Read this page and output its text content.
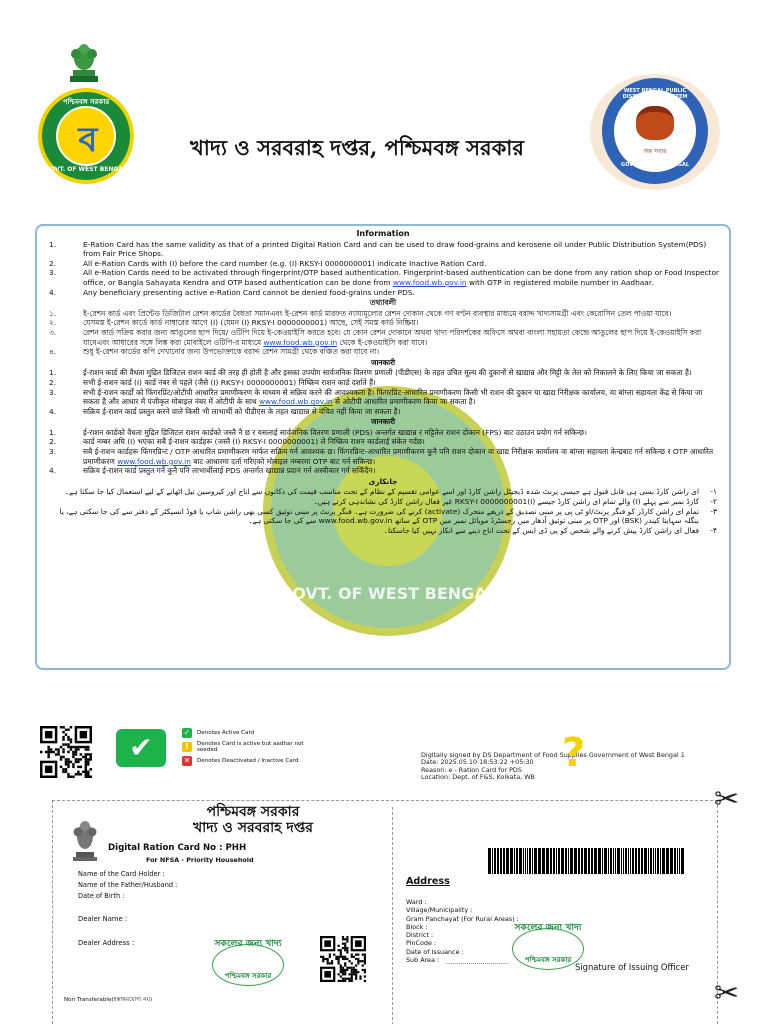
পশ্চিমবঙ্গ সরকার
ব
GOVT. OF WEST BENGAL
খাদ্য ও সরবরাহ দপ্তর, পশ্চিমবঙ্গ সরকার
WEST BENGAL PUBLIC DISTRIBUTION SYSTEM
অন্ন সবার
GOVT. OF WEST BENGAL
GOVT. OF WEST BENGAL
Information
1.	E-Ration Card has the same validity as that of a printed Digital Ration Card and can be used to draw food-grains and kerosene oil under Public Distribution System(PDS) from Fair Price Shops.
2.	All e-Ration Cards with (I) before the card number (e.g. (I) RKSY-I 0000000001) indicate Inactive Ration Card.
3.	All e-Ration Cards need to be activated through fingerprint/OTP based authentication. Fingerprint-based authentication can be done from any ration shop or Food Inspector office, or Bangla Sahayata Kendra and OTP based authentication can be done from www.food.wb.gov.in with OTP in registered mobile number in Aadhaar.
4.	Any beneficiary presenting active e-Ration Card cannot be denied food-grains under PDS.
তথ্যাবলী
১.	ই-রেশন কার্ড এবং প্রিন্টেড ডিজিটাল রেশন কার্ডের বৈধতা সমানএবং ই-রেশন কার্ড মারফত ন্যায্যমূল্যের রেশন দোকান থেকে গণ বণ্টন ব্যবস্থার মাধ্যমে বরাদ্দ খাদ্যসামগ্রী এবং কেরোসিন তেল পাওয়া যাবে।
২.	যেসমস্ত ই-রেশন কার্ডে কার্ড নাম্বারের আগে (I) (যেমন (I) RKSY-I 0000000001) আছে, সেই সমস্ত কার্ড নিষ্ক্রিয়।
৩.	রেশন কার্ড সক্রিয় করার জন্য আঙুলের ছাপ দিয়ে/ ওটিপি দিয়ে ই-কেওয়াইসি করতে হবে। যে কোন রেশন দোকানে অথবা খাদ্য পরিদর্শকের অফিসে অথবা বাংলা সহায়তা কেন্দ্রে আঙুলের ছাপ দিয়ে ই-কেওয়াইসি করা যাবেএবং আধারের সঙ্গে লিঙ্ক করা মোবাইলে ওটিপি-র মাধ্যমে www.food.wb.gov.in থেকে ই-কেওয়াইসি করা যাবে।
৪.	শুধু ই-রেশন কার্ডের কপি দেখানোর জন্য উপভোক্তাকে বরাদ্দ রেশন সামগ্রী থেকে বঞ্চিত করা যাবে না।
जानकारी
1.	ई-राशन कार्ड की वैधता मुद्रित डिजिटल राशन कार्ड की तरह ही होती है और इसका उपयोग सार्वजनिक वितरण प्रणाली (पीडीएस) के तहत उचित मूल्य की दुकानों से खाद्यान्न और मिट्टी के तेल को निकालने के लिए किया जा सकता है।
2.	सभी ई-राशन कार्ड (I) कार्ड नंबर से पहले (जैसे (I) RKSY-I 0000000001) निष्क्रिय राशन कार्ड दर्शाते हैं।
3.	सभी ई-राशन कार्डों को फिंगरप्रिंट/ओटीपी आधारित प्रमाणीकरण के माध्यम से सक्रिय करने की आवश्यकता है। फिंगरप्रिंट-आधारित प्रमाणीकरण किसी भी राशन की दुकान या खाद्य निरीक्षक कार्यालय, या बांग्ला सहायता केंद्र से किया जा सकता है और आधार में पंजीकृत मोबाइल नंबर में ओटीपी के साथ www.food.wb.gov.in से ओटीपी आधारित प्रमाणीकरण किया जा सकता है।
4.	सक्रिय ई-राशन कार्ड प्रस्तुत करने वाले किसी भी लाभार्थी को पीडीएस के तहत खाद्यान्न से वंचित नहीं किया जा सकता है।
जानकारी
1.	ई-राशन कार्डको वैधता मुद्रित डिजिटल राशन कार्डको जस्तै नै छ र यसलाई सार्वजनिक वितरण प्रणाली (PDS) अन्तर्गत खाद्यान्न र मट्टितेल राशन दोकान (FPS) बाट उठाउन प्रयोग गर्न सकिन्छ।
2.	कार्ड नम्बर अघि (I) भएका सबै ई-राशन कार्डहरू (जस्तै (I) RKSY-I 0000000001) ले निष्क्रिय राशन कार्डलाई संकेत गर्दछ।
3.	सबै ई-राशन कार्डहरू फिंगरप्रिन्ट / OTP आधारित प्रमाणीकरण मार्फत सक्रिय गर्न आवश्यक छ। फिंगरप्रिन्ट-आधारित प्रमाणीकरण कुनै पनि राशन दोकान वा खाद्य निरीक्षक कार्यालय वा बांग्ला सहायता केन्द्रबाट गर्न सकिन्छ र OTP आधारित प्रमाणीकरण www.food.wb.gov.in बाट आधारमा दर्ता गरिएको मोबाइल नम्बरमा OTP बाट गर्न सकिन्छ।
4.	सक्रिय ई-राशन कार्ड प्रस्तुत गर्ने कुनै पनि लाभार्थीलाई PDS अन्तर्गत खाद्यान्न प्रदान गर्न अस्वीकार गर्न सकिँदैन।
جانکاری
۱-
ای راشن کارڈ بسی ہی قابل قبول ہے جیسی پرنٹ شدہ ڈیجیٹل راشن کارڈ اور اسے عوامی تقسیم کے نظام کے تحت مناسب قیمت کی دکانوں سے اناج اور کیروسین تیل اٹھانے کے لیے استعمال کیا جا سکتا ہے۔
۲-
کارڈ نمبر سے پہلے (I) والے تمام ای راشن کارڈ جیسے (I)RKSY-I 0000000001 غیر فعال راشن کارڈ کی نشاندہی کرتے ہیں۔
۳-
تمام ای راشن کارڈز کو فنگر پرنٹ/او ٹی پی پر مبنی تصدیق کے ذریعے متحرک (activate) کرنے کی ضرورت ہے۔ فنگر پرنٹ پر مبنی توثیق کسی بھی راشن شاپ یا فوڈ انسپکٹر کے دفتر سے کی جا سکتی ہے، یا بنگلہ سہایتا کیندر (BSK) اور OTP پر مبنی توثیق آدھار میں رجسٹرڈ موبائل نمبر میں OTP کے ساتھ www.food.wb.gov.in سے کی جا سکتی ہے۔
۴-
فعال ای راشن کارڈ پیش کرنے والے شخص کو پی ڈی ایس کے تحت اناج دینے سے انکار نہیں کیا جاسکتا۔
✔	✓ Denotes Active Card
!	Denotes Card is active but aadhar not seeded
✕ Denotes Deactivated / Inactive Card
Digitally signed by DS Department of Food Supplies Government of West Bengal 1
Date: 2025.05.10 18:53:22 +05:30
Reason: e - Ration Card for PDS
Location: Dept. of F&S, Kolkata, WB
?
✂
✂
পশ্চিমবঙ্গ সরকার
খাদ্য ও সরবরাহ দপ্তর
Digital Ration Card No : PHH
For NFSA - Priority Household
Name of the Card Holder :
Name of the Father/Husband :
Date of Birth :
Dealer Name :
Dealer Address :
Non Transferable(হস্তান্তরযোগ্য নয়)
সকলের জন্য খাদ্য
পশ্চিমবঙ্গ সরকার
Address
Ward :
Village/Municipality :
Gram Panchayat (For Rural Areas) :
Block :
District :
PinCode :
Date of Issuance :
Sub Area :	...............................
সকলের জন্য খাদ্য
পশ্চিমবঙ্গ সরকার
Signature of Issuing Officer
